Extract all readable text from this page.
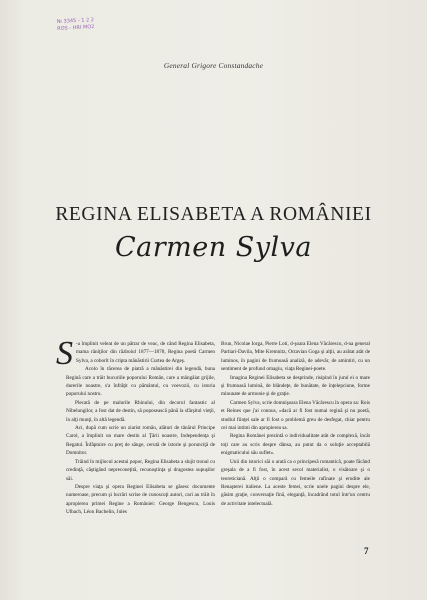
№ 3345 - 1 2 2
ROS - HRI MO2
General Grigore Constandache
REGINA ELISABETA A ROMÂNIEI
Carmen Sylva

S -a împlinit veleat de un pătrar de veac, de când Regina Elisabeta, mama răniţilor din războiul 1877—1878, Regina poetă Carmen Sylva, a coborît în cripta mănăstirii Curtea de Argeş.

Acolo în tăcerea de piatră a mănăstirei din legendă, buna Regină care a trăit bucuriile poporului Român, care a mângâiat grijile, durerile noastre, s'a înfrăţit cu pământul, cu voevozii, cu istoria poporului nostru.

Plecată de pe malurile Rhinului, din decorul fantastic al Nibelungilor, a fost dat de destin, să poposească până la sfârşitul vieţii, în alţi munţi, în altă legendă.

Aci, după cum scrie un ziarist român, alături de tânărul Principe Carol, a împlinit un mare destin al Ţării noastre, Independenţa şi Regatul. Înfăptuire cu preţ de sânge, cerută de istorie şi porunciţă de Domnitor.

Trăind în mijlocul acestui popor, Regina Elisabeta a slujit tronul cu credinţă, căştigând nepreconeţită, recunoştinţa şi dragostea supuşilor săi.

Despre viaţa şi opera Reginei Elisabeta se găsesc documente numeroase, precum şi lucrări scrise de cunoscuţi autori, cari au trăit în apropierea primei Regine a României: George Bengescu, Louis Ulbach, Léon Bachelin, Jules

Brun, Nicolae Iorga, Pierre Loti, d-şoara Elena Văcărescu, d-na general Partiari-Davila, Mite Kremnitz, Octavian Goga şi alţii, au arătat atât de luminos, în pagini de frumoasă analiză, de adevăr, de amintiri, cu un sentiment de profund omagiu, viaţa Reginei-poete.

Imagina Reginei Elisabeta se desprinde, risipind în jurul ei o mare şi frumoasă lumină, de blândeţe, de bunătate, de înţelepciune, forme minunate de armonie şi de graţie.

Carmen Sylva, scrie domnişoara Elena Văcărescu în opera sa: Rois et Reines que j'ai connus, «dacă ar fi fost numai regină şi nu poetă, studiul fiinţei sale ar fi fost o problemă greu de desfegat, chiar pentru cei mai intimi din apropierea sa.

Regina Românei prezintă o individualitate atât de complexă, încât toţi care au scris despre dânsa, au putut da o soluţie acceptabilă enigmaticului său suflet».

Unii din istorici săi o arată ca o principesă romantică, poate făcând greşala de a fi fost, în acest secol materialist, o visătoare şi o teoreticiană. Alţii o compară cu femeile rafinate şi erudite ale Renaşterei italiene. La aceste femei, scrie unele pagini despre ele, găsim graţie, conversaţie fină, eleganţă, încadrând totul într'un centru de activitate intelectuală.

7
